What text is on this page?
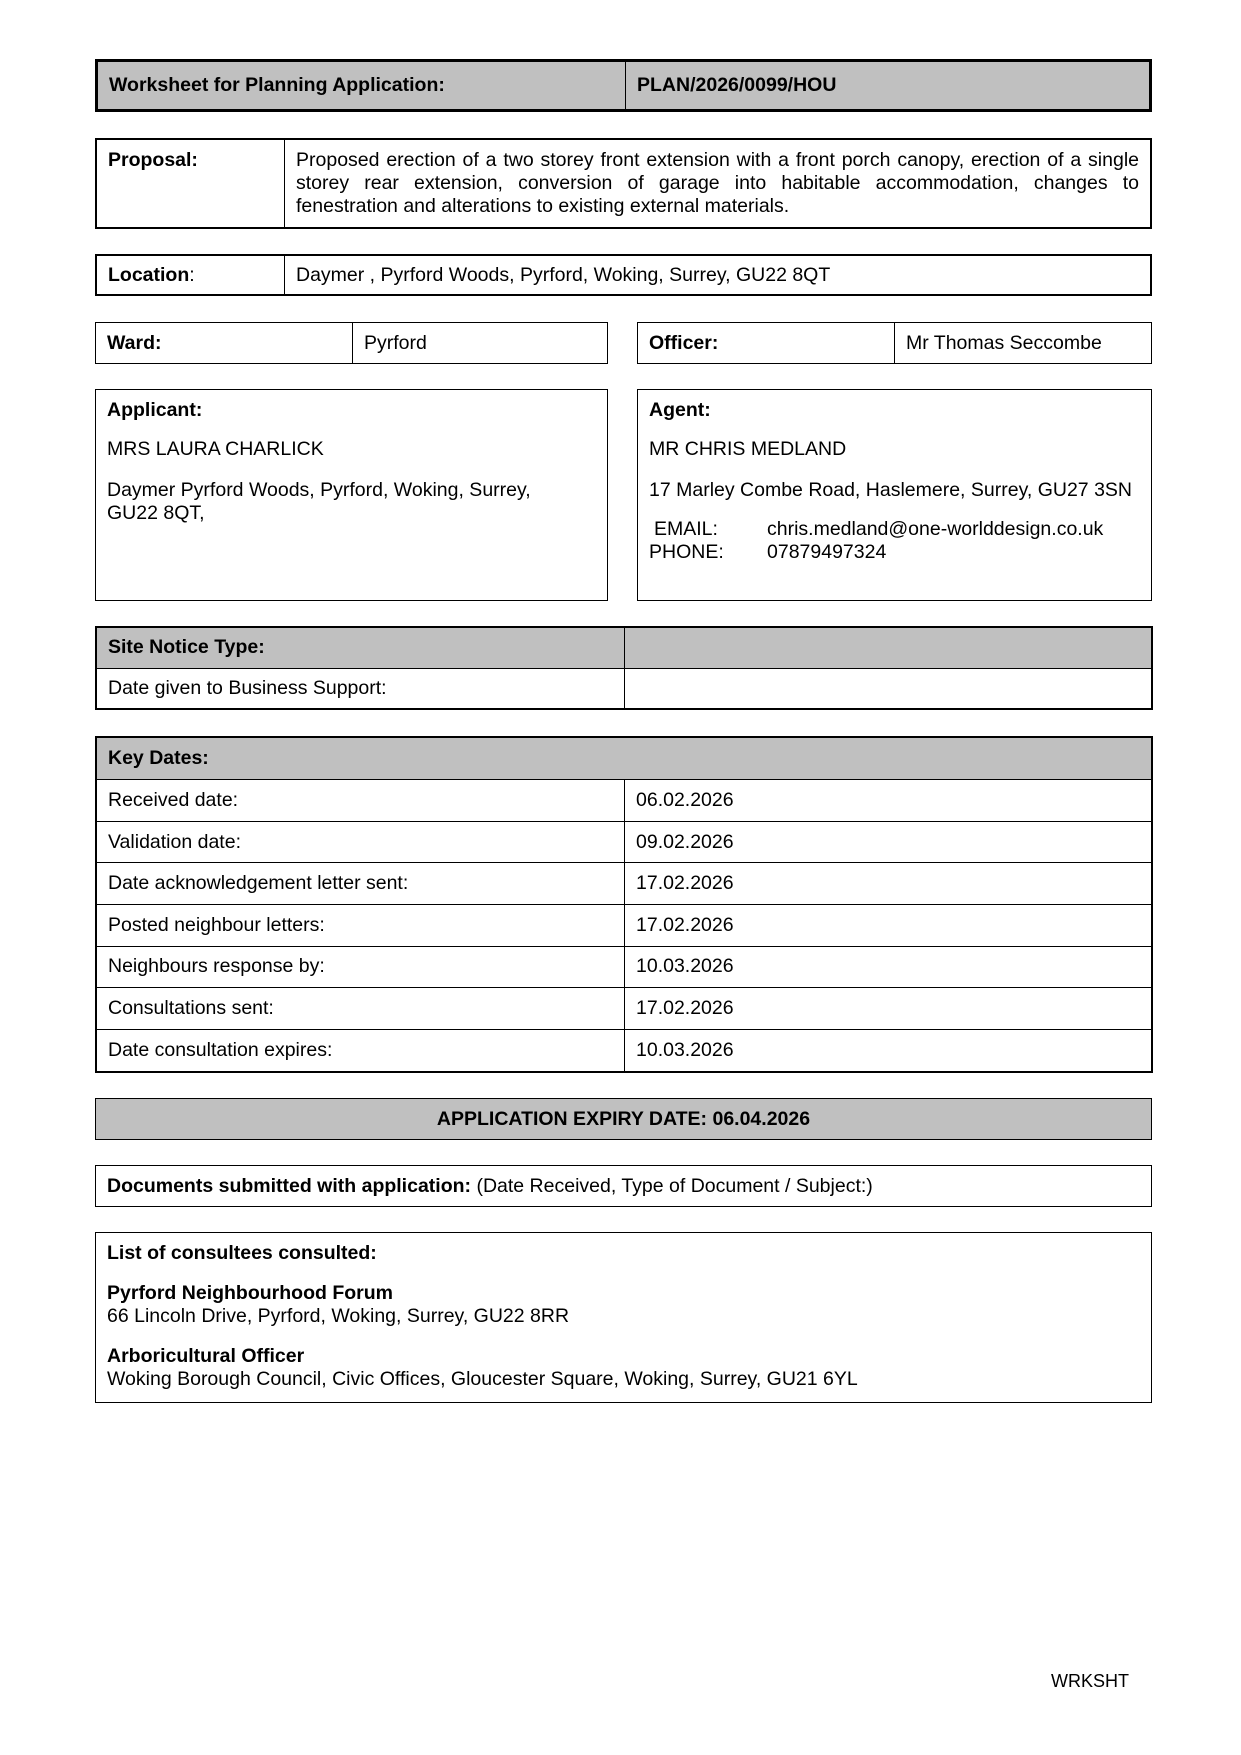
Worksheet for Planning Application:	PLAN/2026/0099/HOU
Proposal:	Proposed erection of a two storey front extension with a front porch canopy, erection of a single storey rear extension, conversion of garage into habitable accommodation, changes to fenestration and alterations to existing external materials.

Location :	Daymer , Pyrford Woods, Pyrford, Woking, Surrey, GU22 8QT
Ward:	Pyrford	Officer:	Mr Thomas Seccombe

Applicant:

MRS LAURA CHARLICK

Daymer Pyrford Woods, Pyrford, Woking, Surrey, GU22 8QT,

Agent:

MR CHRIS MEDLAND

17 Marley Combe Road, Haslemere, Surrey, GU27 3SN

EMAIL:	chris.medland@one-worlddesign.co.uk
PHONE:	07879497324
Site Notice Type:	
Date given to Business Support:	
Key Dates:	
Received date:	06.02.2026
Validation date:	09.02.2026
Date acknowledgement letter sent:	17.02.2026
Posted neighbour letters:	17.02.2026
Neighbours response by:	10.03.2026
Consultations sent:	17.02.2026
Date consultation expires:	10.03.2026
APPLICATION EXPIRY DATE: 06.04.2026
Documents submitted with application: (Date Received, Type of Document / Subject:)

List of consultees consulted:

Pyrford Neighbourhood Forum

66 Lincoln Drive, Pyrford, Woking, Surrey, GU22 8RR

Arboricultural Officer

Woking Borough Council, Civic Offices, Gloucester Square, Woking, Surrey, GU21 6YL

WRKSHT
